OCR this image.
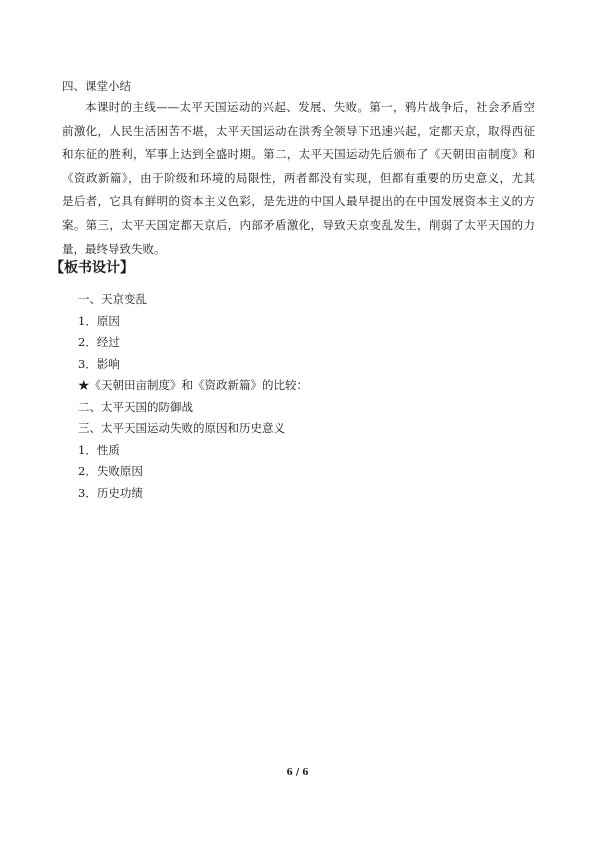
四、课堂小结
本课时的主线——太平天国运动的兴起、发展、失败。第一，鸦片战争后，社会矛盾空
前激化，人民生活困苦不堪，太平天国运动在洪秀全领导下迅速兴起，定都天京，取得西征
和东征的胜利，军事上达到全盛时期。第二，太平天国运动先后颁布了《天朝田亩制度》和
《资政新篇》，由于阶级和环境的局限性，两者都没有实现，但都有重要的历史意义，尤其
是后者，它具有鲜明的资本主义色彩，是先进的中国人最早提出的在中国发展资本主义的方
案。第三，太平天国定都天京后，内部矛盾激化，导致天京变乱发生，削弱了太平天国的力
量，最终导致失败。
【板书设计】
一、天京变乱
1．原因
2．经过
3．影响
★《天朝田亩制度》和《资政新篇》的比较：
二、太平天国的防御战
三、太平天国运动失败的原因和历史意义
1．性质
2．失败原因
3．历史功绩
6 / 6
